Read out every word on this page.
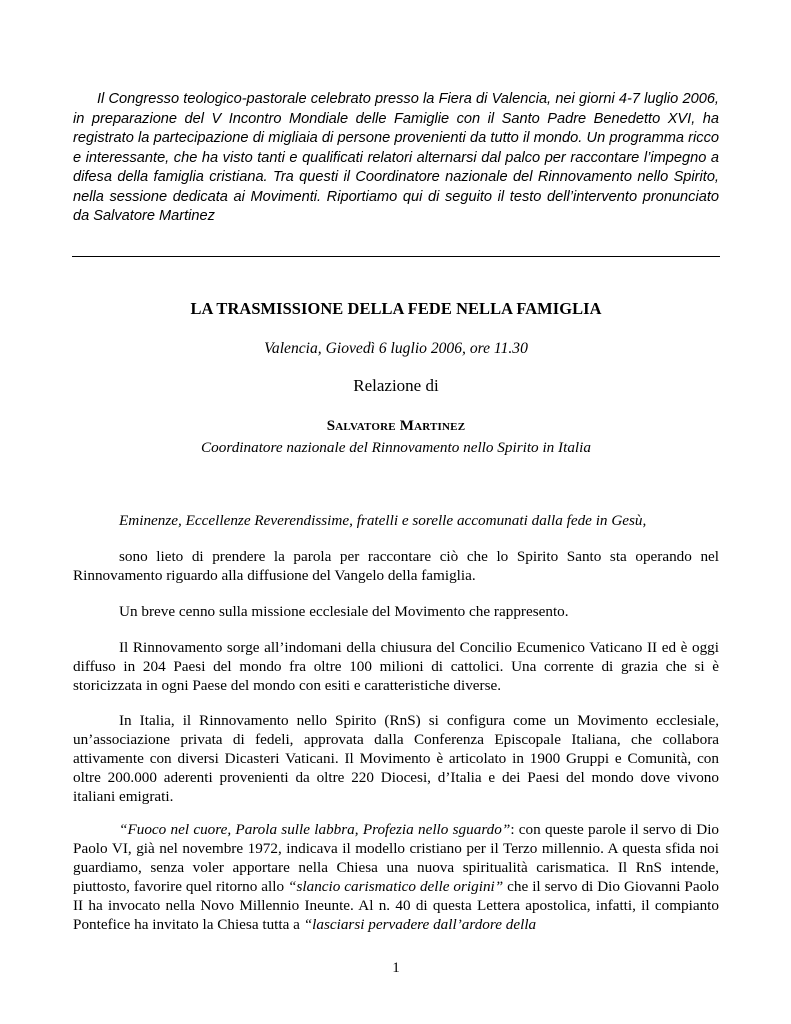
Il Congresso teologico-pastorale celebrato presso la Fiera di Valencia, nei giorni 4-7 luglio 2006, in preparazione del V Incontro Mondiale delle Famiglie con il Santo Padre Benedetto XVI, ha registrato la partecipazione di migliaia di persone provenienti da tutto il mondo. Un programma ricco e interessante, che ha visto tanti e qualificati relatori alternarsi dal palco per raccontare l’impegno a difesa della famiglia cristiana. Tra questi il Coordinatore nazionale del Rinnovamento nello Spirito, nella sessione dedicata ai Movimenti. Riportiamo qui di seguito il testo dell’intervento pronunciato da Salvatore Martinez

LA TRASMISSIONE DELLA FEDE NELLA FAMIGLIA

Valencia, Giovedì 6 luglio 2006, ore 11.30

Relazione di

Salvatore Martinez

Coordinatore nazionale del Rinnovamento nello Spirito in Italia

Eminenze, Eccellenze Reverendissime, fratelli e sorelle accomunati dalla fede in Gesù,

sono lieto di prendere la parola per raccontare ciò che lo Spirito Santo sta operando nel Rinnovamento riguardo alla diffusione del Vangelo della famiglia.

Un breve cenno sulla missione ecclesiale del Movimento che rappresento.

Il Rinnovamento sorge all’indomani della chiusura del Concilio Ecumenico Vaticano II ed è oggi diffuso in 204 Paesi del mondo fra oltre 100 milioni di cattolici. Una corrente di grazia che si è storicizzata in ogni Paese del mondo con esiti e caratteristiche diverse.

In Italia, il Rinnovamento nello Spirito (RnS) si configura come un Movimento ecclesiale, un’associazione privata di fedeli, approvata dalla Conferenza Episcopale Italiana, che collabora attivamente con diversi Dicasteri Vaticani. Il Movimento è articolato in 1900 Gruppi e Comunità, con oltre 200.000 aderenti provenienti da oltre 220 Diocesi, d’Italia e dei Paesi del mondo dove vivono italiani emigrati.

“Fuoco nel cuore, Parola sulle labbra, Profezia nello sguardo”: con queste parole il servo di Dio Paolo VI, già nel novembre 1972, indicava il modello cristiano per il Terzo millennio. A questa sfida noi guardiamo, senza voler apportare nella Chiesa una nuova spiritualità carismatica. Il RnS intende, piuttosto, favorire quel ritorno allo “slancio carismatico delle origini” che il servo di Dio Giovanni Paolo II ha invocato nella Novo Millennio Ineunte. Al n. 40 di questa Lettera apostolica, infatti, il compianto Pontefice ha invitato la Chiesa tutta a “lasciarsi pervadere dall’ardore della

1
